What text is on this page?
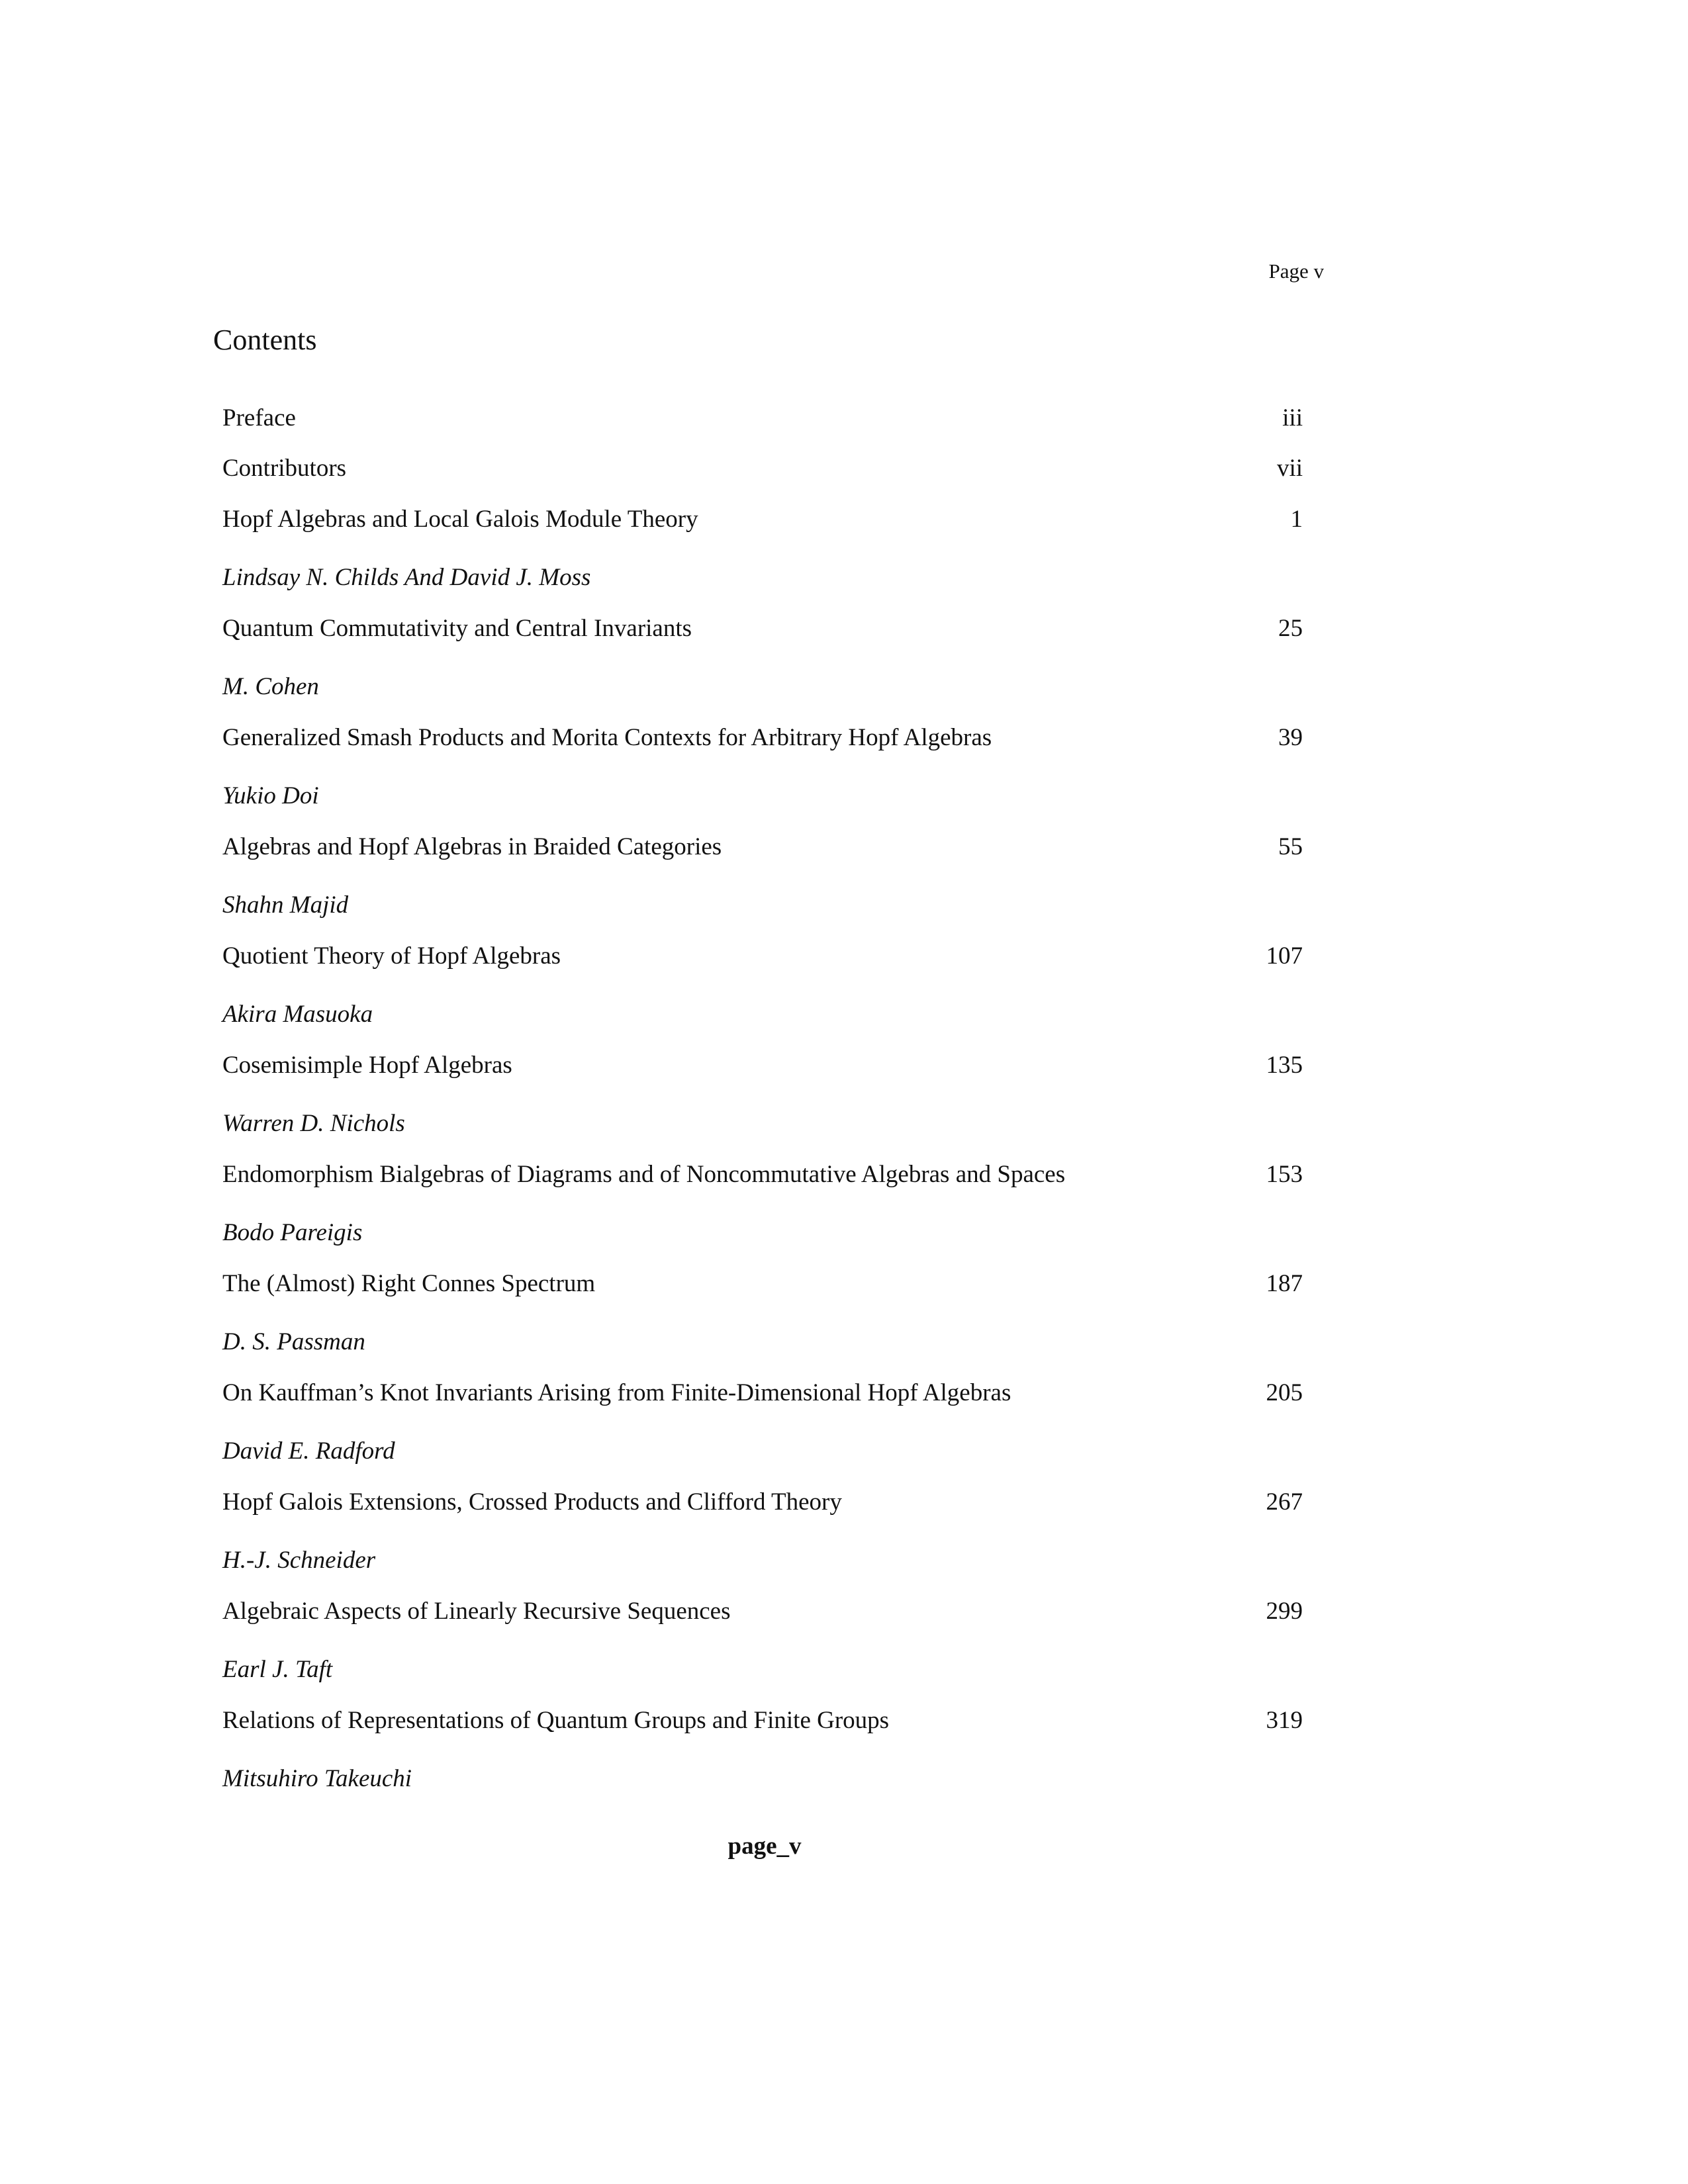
Page v
Contents
Preface	iii
Contributors	vii
Hopf Algebras and Local Galois Module Theory	1
Lindsay N. Childs And David J. Moss
Quantum Commutativity and Central Invariants	25
M. Cohen
Generalized Smash Products and Morita Contexts for Arbitrary Hopf Algebras	39
Yukio Doi
Algebras and Hopf Algebras in Braided Categories	55
Shahn Majid
Quotient Theory of Hopf Algebras	107
Akira Masuoka
Cosemisimple Hopf Algebras	135
Warren D. Nichols
Endomorphism Bialgebras of Diagrams and of Noncommutative Algebras and Spaces	153
Bodo Pareigis
The (Almost) Right Connes Spectrum	187
D. S. Passman
On Kauffman’s Knot Invariants Arising from Finite-Dimensional Hopf Algebras	205
David E. Radford
Hopf Galois Extensions, Crossed Products and Clifford Theory	267
H.-J. Schneider
Algebraic Aspects of Linearly Recursive Sequences	299
Earl J. Taft
Relations of Representations of Quantum Groups and Finite Groups	319
Mitsuhiro Takeuchi
page_v
